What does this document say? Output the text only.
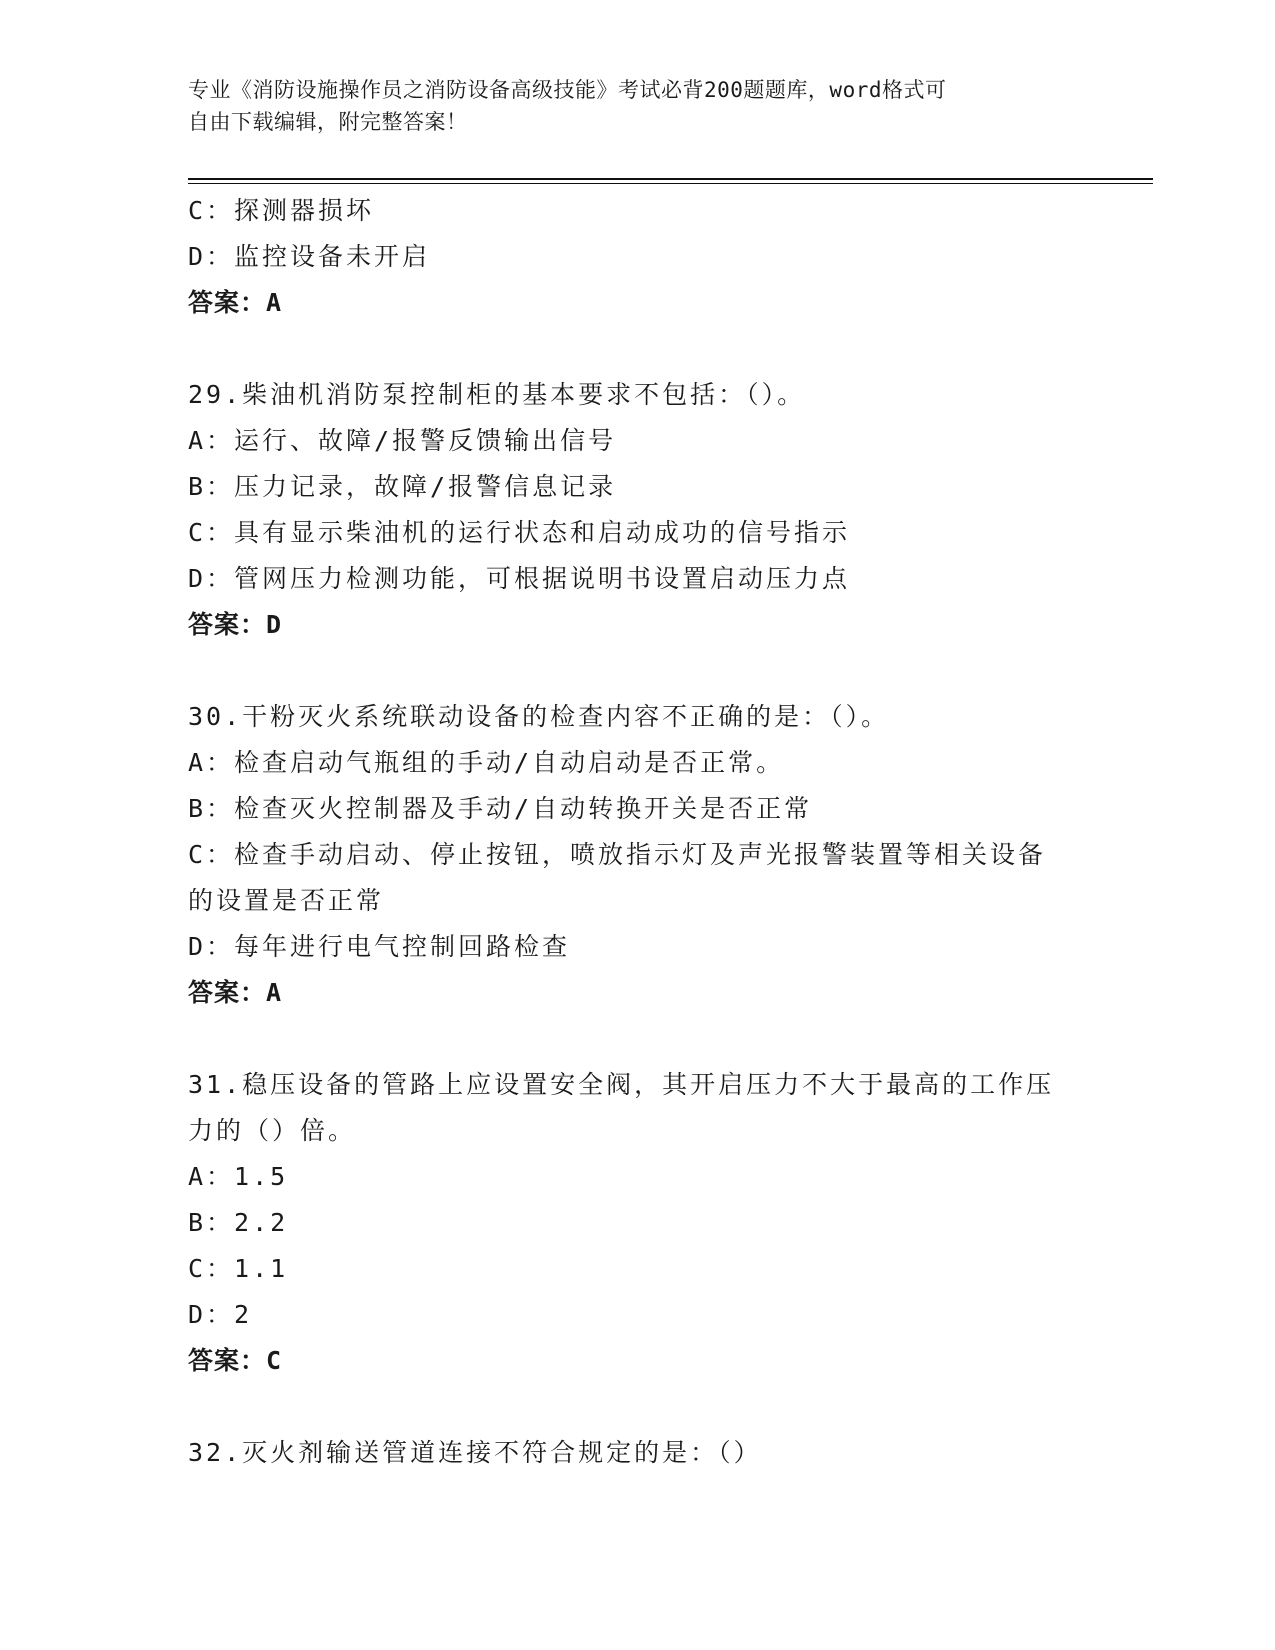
专业《消防设施操作员之消防设备高级技能》考试必背200题题库，word格式可
自由下载编辑，附完整答案！
C：探测器损坏
D：监控设备未开启
答案：A
29.柴油机消防泵控制柜的基本要求不包括：（）。
A：运行、故障/报警反馈输出信号
B：压力记录，故障/报警信息记录
C：具有显示柴油机的运行状态和启动成功的信号指示
D：管网压力检测功能，可根据说明书设置启动压力点
答案：D
30.干粉灭火系统联动设备的检查内容不正确的是：（）。
A：检查启动气瓶组的手动/自动启动是否正常。
B：检查灭火控制器及手动/自动转换开关是否正常
C：检查手动启动、停止按钮，喷放指示灯及声光报警装置等相关设备
的设置是否正常
D：每年进行电气控制回路检查
答案：A
31.稳压设备的管路上应设置安全阀，其开启压力不大于最高的工作压
力的（）倍。
A：1.5
B：2.2
C：1.1
D：2
答案：C
32.灭火剂输送管道连接不符合规定的是：（）
